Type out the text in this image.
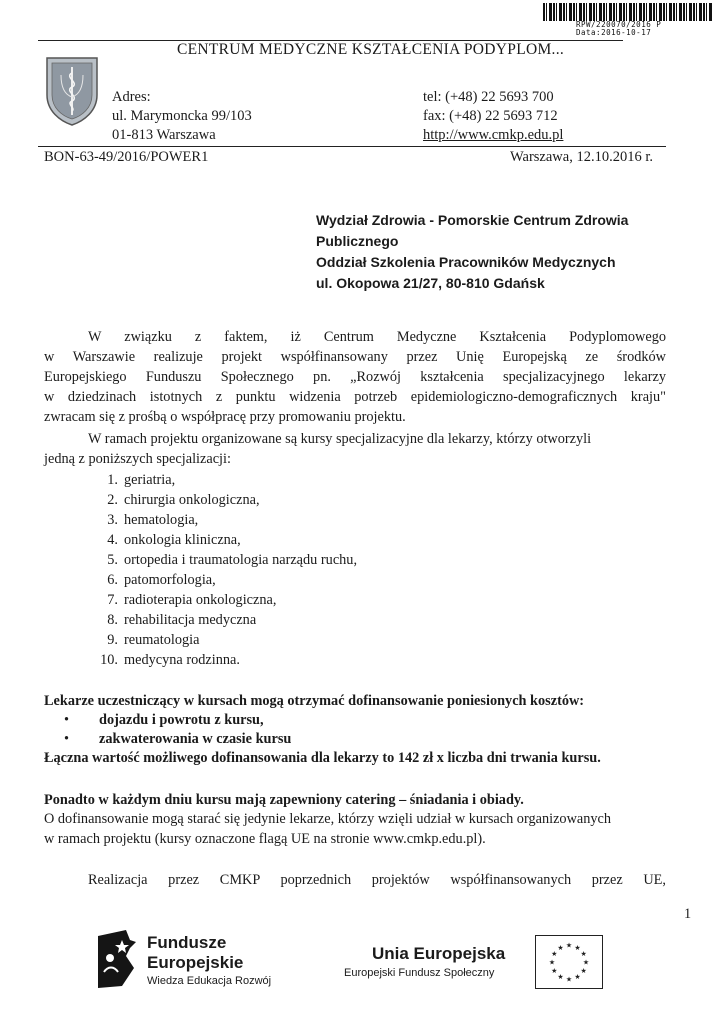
RPW/220070/2016 P
Data:2016-10-17
CENTRUM MEDYCZNE KSZTAŁCENIA PODYPLOM...
Adres:
ul. Marymoncka 99/103
01-813 Warszawa
tel: (+48) 22 5693 700
fax: (+48) 22 5693 712
http://www.cmkp.edu.pl
BON-63-49/2016/POWER1	Warszawa, 12.10.2016 r.
Wydział Zdrowia - Pomorskie Centrum Zdrowia
Publicznego
Oddział Szkolenia Pracowników Medycznych
ul. Okopowa 21/27, 80-810 Gdańsk
W związku z faktem, iż Centrum Medyczne Kształcenia Podyplomowego
w Warszawie realizuje projekt współfinansowany przez Unię Europejską ze środków
Europejskiego Funduszu Społecznego pn. „Rozwój kształcenia specjalizacyjnego lekarzy
w dziedzinach istotnych z punktu widzenia potrzeb epidemiologiczno-demograficznych kraju"
zwracam się z prośbą o współpracę przy promowaniu projektu.
W ramach projektu organizowane są kursy specjalizacyjne dla lekarzy, którzy otworzyli
jedną z poniższych specjalizacji:
1. geriatria,
2. chirurgia onkologiczna,
3. hematologia,
4. onkologia kliniczna,
5. ortopedia i traumatologia narządu ruchu,
6. patomorfologia,
7. radioterapia onkologiczna,
8. rehabilitacja medyczna
9. reumatologia
10. medycyna rodzinna.
Lekarze uczestniczący w kursach mogą otrzymać dofinansowanie poniesionych kosztów:
• dojazdu i powrotu z kursu,
• zakwaterowania w czasie kursu
Łączna wartość możliwego dofinansowania dla lekarzy to 142 zł x liczba dni trwania kursu.
Ponadto w każdym dniu kursu mają zapewniony catering – śniadania i obiady.
O dofinansowanie mogą starać się jedynie lekarze, którzy wzięli udział w kursach organizowanych
w ramach projektu (kursy oznaczone flagą UE na stronie www.cmkp.edu.pl).
Realizacja przez CMKP poprzednich projektów współfinansowanych przez UE,
1
Fundusze
Europejskie
Wiedza Edukacja Rozwój
Unia Europejska
Europejski Fundusz Społeczny
★ ★
★
★
★
★
★
★
★
★
★
★
